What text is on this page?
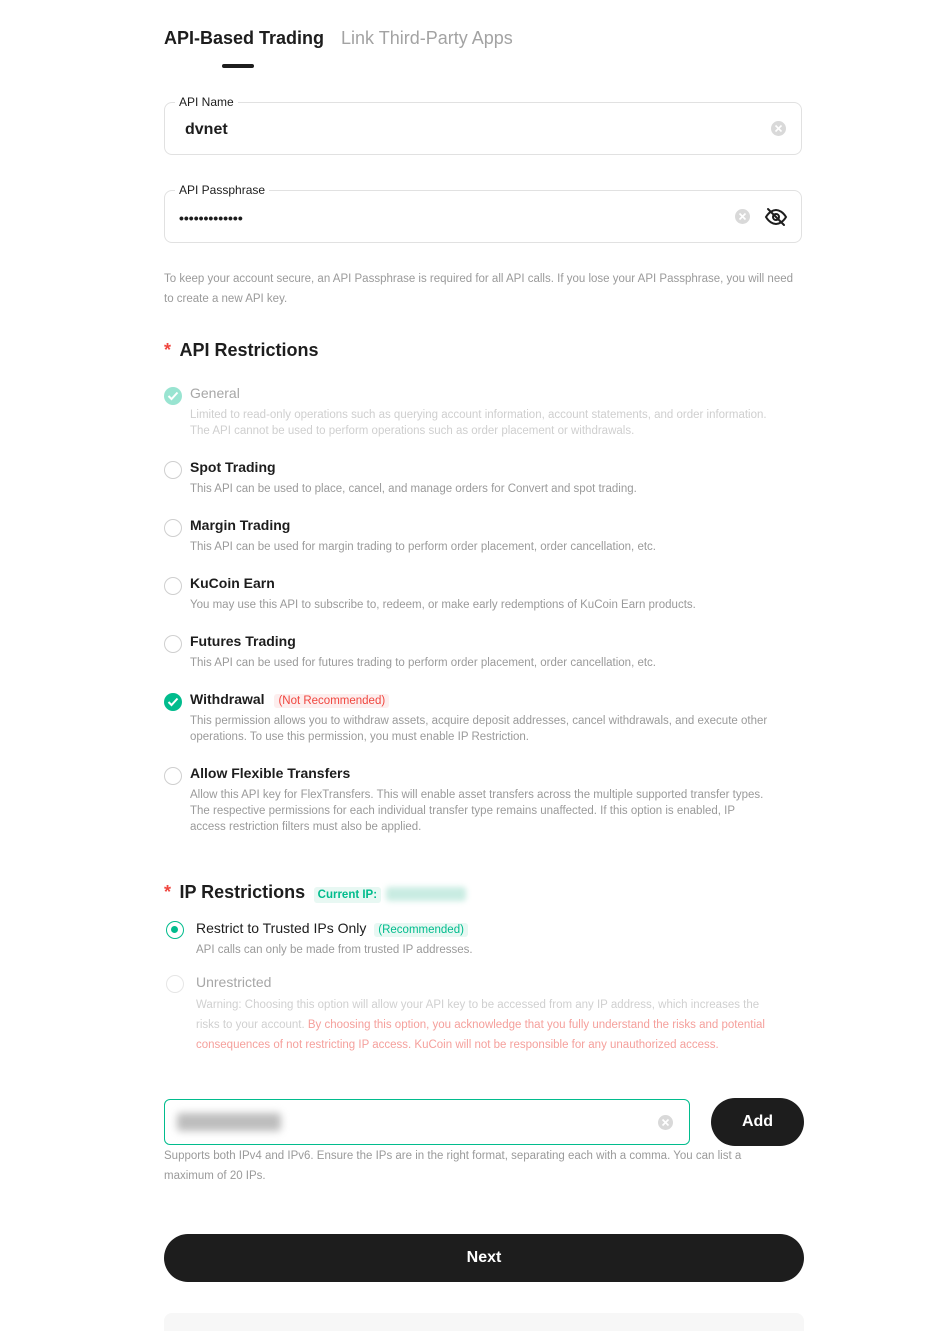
API-Based Trading Link Third-Party Apps
API Name
dvnet
API Passphrase
•••••••••••••
To keep your account secure, an API Passphrase is required for all API calls. If you lose your API Passphrase, you will need to create a new API key.
* API Restrictions
General
Limited to read-only operations such as querying account information, account statements, and order information. The API cannot be used to perform operations such as order placement or withdrawals.
Spot Trading
This API can be used to place, cancel, and manage orders for Convert and spot trading.
Margin Trading
This API can be used for margin trading to perform order placement, order cancellation, etc.
KuCoin Earn
You may use this API to subscribe to, redeem, or make early redemptions of KuCoin Earn products.
Futures Trading
This API can be used for futures trading to perform order placement, order cancellation, etc.
Withdrawal (Not Recommended)
This permission allows you to withdraw assets, acquire deposit addresses, cancel withdrawals, and execute other operations. To use this permission, you must enable IP Restriction.
Allow Flexible Transfers
Allow this API key for FlexTransfers. This will enable asset transfers across the multiple supported transfer types. The respective permissions for each individual transfer type remains unaffected. If this option is enabled, IP access restriction filters must also be applied.
* IP Restrictions Current IP:
Restrict to Trusted IPs Only (Recommended)
API calls can only be made from trusted IP addresses.
Unrestricted
Warning: Choosing this option will allow your API key to be accessed from any IP address, which increases the risks to your account. By choosing this option, you acknowledge that you fully understand the risks and potential consequences of not restricting IP access. KuCoin will not be responsible for any unauthorized access.
Add
Supports both IPv4 and IPv6. Ensure the IPs are in the right format, separating each with a comma. You can list a maximum of 20 IPs.
Next
